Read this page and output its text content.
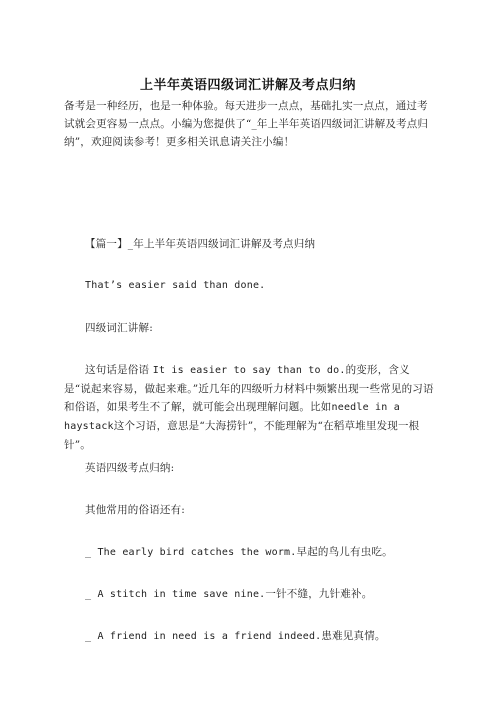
上半年英语四级词汇讲解及考点归纳
备考是一种经历，也是一种体验。每天进步一点点，基础扎实一点点，通过考试就会更容易一点点。小编为您提供了“_年上半年英语四级词汇讲解及考点归纳”，欢迎阅读参考！更多相关讯息请关注小编！
【篇一】_年上半年英语四级词汇讲解及考点归纳
That’s easier said than done.
四级词汇讲解:
这句话是俗语 It is easier to say than to do.的变形，含义是“说起来容易，做起来难。”近几年的四级听力材料中频繁出现一些常见的习语和俗语，如果考生不了解，就可能会出现理解问题。比如needle in a haystack这个习语，意思是“大海捞针”，不能理解为“在稻草堆里发现一根针”。
英语四级考点归纳:
其他常用的俗语还有:
_ The early bird catches the worm.早起的鸟儿有虫吃。
_ A stitch in time save nine.一针不缝，九针难补。
_ A friend in need is a friend indeed.患难见真情。
